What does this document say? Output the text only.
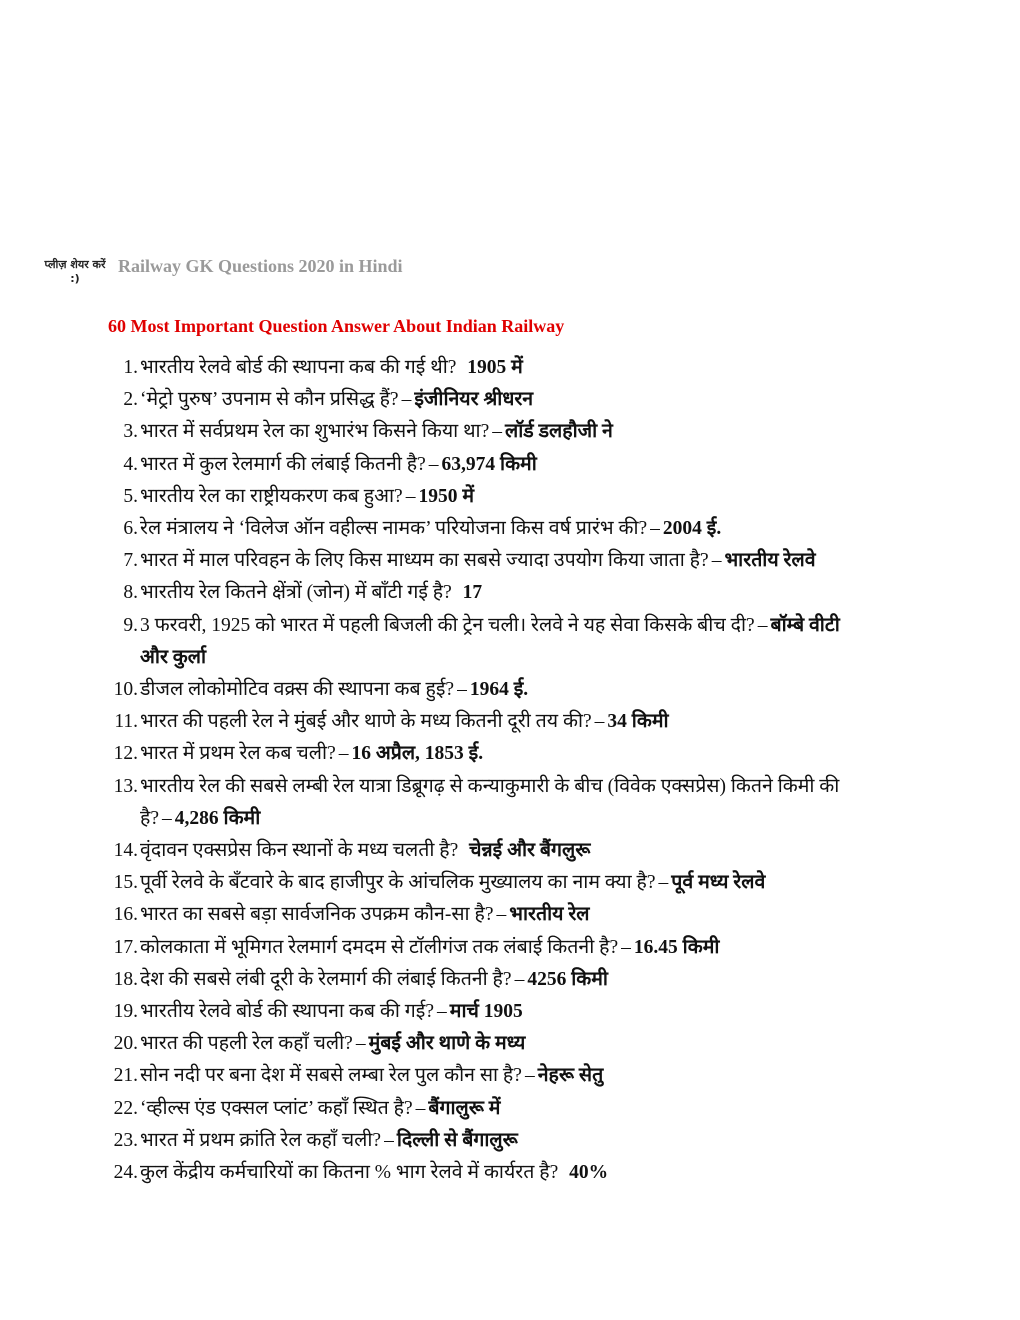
प्लीज़ शेयर करें :)
Railway GK Questions 2020 in Hindi
60 Most Important Question Answer About Indian Railway
1. भारतीय रेलवे बोर्ड की स्थापना कब की गई थी? 1905 में
2. ‘मेट्रो पुरुष’ उपनाम से कौन प्रसिद्ध हैं? – इंजीनियर श्रीधरन
3. भारत में सर्वप्रथम रेल का शुभारंभ किसने किया था? – लॉर्ड डलहौजी ने
4. भारत में कुल रेलमार्ग की लंबाई कितनी है? – 63,974 किमी
5. भारतीय रेल का राष्ट्रीयकरण कब हुआ? – 1950 में
6. रेल मंत्रालय ने ‘विलेज ऑन वहील्स नामक’ परियोजना किस वर्ष प्रारंभ की? – 2004 ई.
7. भारत में माल परिवहन के लिए किस माध्यम का सबसे ज्यादा उपयोग किया जाता है? – भारतीय रेलवे
8. भारतीय रेल कितने क्षेंत्रों (जोन) में बाँटी गई है? 17
9. 3 फरवरी, 1925 को भारत में पहली बिजली की ट्रेन चली। रेलवे ने यह सेवा किसके बीच दी? – बॉम्बे वीटी और कुर्ला
10. डीजल लोकोमोटिव वक्र्स की स्थापना कब हुई? – 1964 ई.
11. भारत की पहली रेल ने मुंबई और थाणे के मध्य कितनी दूरी तय की? – 34 किमी
12. भारत में प्रथम रेल कब चली? – 16 अप्रैल, 1853 ई.
13. भारतीय रेल की सबसे लम्बी रेल यात्रा डिब्रूगढ़ से कन्याकुमारी के बीच (विवेक एक्सप्रेस) कितने किमी की है? – 4,286 किमी
14. वृंदावन एक्सप्रेस किन स्थानों के मध्य चलती है? चेन्नई और बैंगलुरू
15. पूर्वी रेलवे के बँटवारे के बाद हाजीपुर के आंचलिक मुख्यालय का नाम क्या है? – पूर्व मध्य रेलवे
16. भारत का सबसे बड़ा सार्वजनिक उपक्रम कौन-सा है? – भारतीय रेल
17. कोलकाता में भूमिगत रेलमार्ग दमदम से टॉलीगंज तक लंबाई कितनी है? – 16.45 किमी
18. देश की सबसे लंबी दूरी के रेलमार्ग की लंबाई कितनी है? – 4256 किमी
19. भारतीय रेलवे बोर्ड की स्थापना कब की गई? – मार्च 1905
20. भारत की पहली रेल कहाँ चली? – मुंबई और थाणे के मध्य
21. सोन नदी पर बना देश में सबसे लम्बा रेल पुल कौन सा है? – नेहरू सेतु
22. ‘व्हील्स एंड एक्सल प्लांट’ कहाँ स्थित है? – बैंगालुरू में
23. भारत में प्रथम क्रांति रेल कहाँ चली? – दिल्ली से बैंगालुरू
24. कुल केंद्रीय कर्मचारियों का कितना % भाग रेलवे में कार्यरत है? 40%
